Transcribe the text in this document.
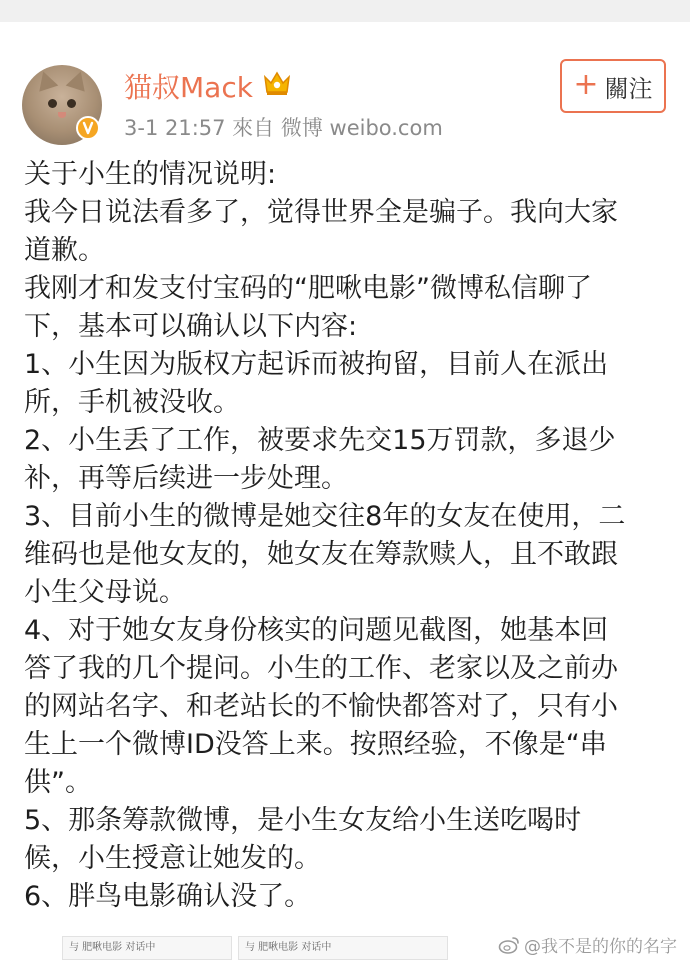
猫叔Mack
3-1 21:57 來自 微博 weibo.com
+ 關注
关于小生的情况说明:
我今日说法看多了，觉得世界全是骗子。我向大家
道歉。
我刚才和发支付宝码的“肥啾电影”微博私信聊了
下，基本可以确认以下内容:
1、小生因为版权方起诉而被拘留，目前人在派出
所，手机被没收。
2、小生丢了工作，被要求先交15万罚款，多退少
补，再等后续进一步处理。
3、目前小生的微博是她交往8年的女友在使用，二
维码也是他女友的，她女友在筹款赎人，且不敢跟
小生父母说。
4、对于她女友身份核实的问题见截图，她基本回
答了我的几个提问。小生的工作、老家以及之前办
的网站名字、和老站长的不愉快都答对了，只有小
生上一个微博ID没答上来。按照经验，不像是“串
供”。
5、那条筹款微博，是小生女友给小生送吃喝时
候，小生授意让她发的。
6、胖鸟电影确认没了。
与 肥啾电影 对话中	与 肥啾电影 对话中	@我不是的你的名字
